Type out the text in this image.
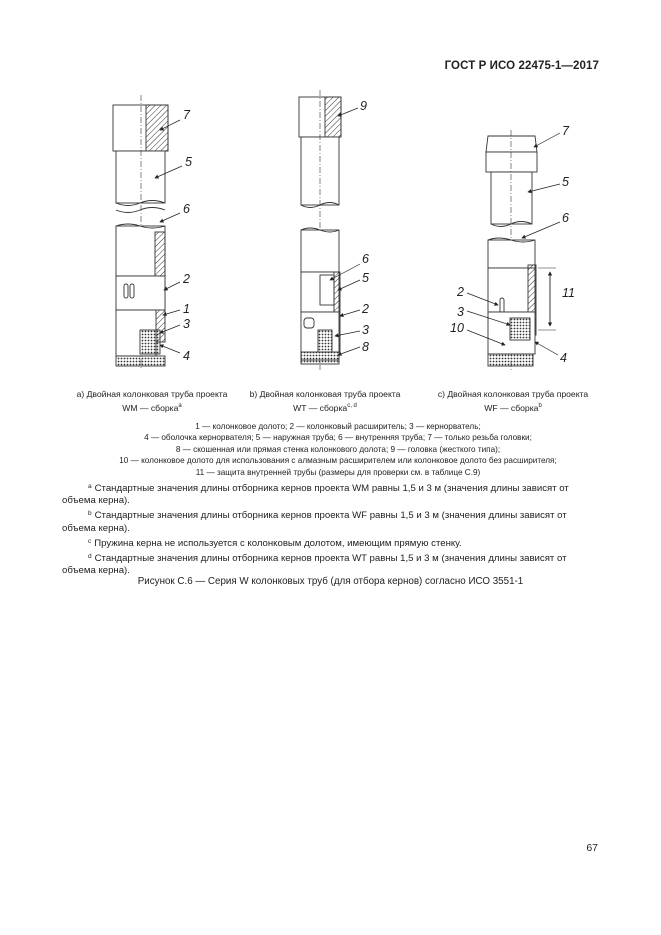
ГОСТ Р ИСО 22475-1—2017
7
5
6
2
1
3
4
9
6
5
2
3
8
7
5
6
2	11
3
10
4
a) Двойная колонковая труба проекта
WM — сборка$^a$
b) Двойная колонковая труба проекта
WT — сборка$^{c, d}$
c) Двойная колонковая труба проекта
WF — сборка$^b$
1 — колонковое долото; 2 — колонковый расширитель; 3 — кернорватель;
4 — оболочка кернорвателя; 5 — наружная труба; 6 — внутренняя труба; 7 — только резьба головки;
8 — скошенная или прямая стенка колонкового долота; 9 — головка (жесткого типа);
10 — колонковое долото для использования с алмазным расширителем или колонковое долото без расширителя;
11 — защита внутренней трубы (размеры для проверки см. в таблице С.9)

$^a$ Стандартные значения длины отборника кернов проекта WM равны 1,5 и 3 м (значения длины зависят от объема керна).

$^b$ Стандартные значения длины отборника кернов проекта WF равны 1,5 и 3 м (значения длины зависят от объема керна).

$^c$ Пружина керна не используется с колонковым долотом, имеющим прямую стенку.

$^d$ Стандартные значения длины отборника кернов проекта WT равны 1,5 и 3 м (значения длины зависят от объема керна).

Рисунок С.6 — Серия W колонковых труб (для отбора кернов) согласно ИСО 3551-1
67
